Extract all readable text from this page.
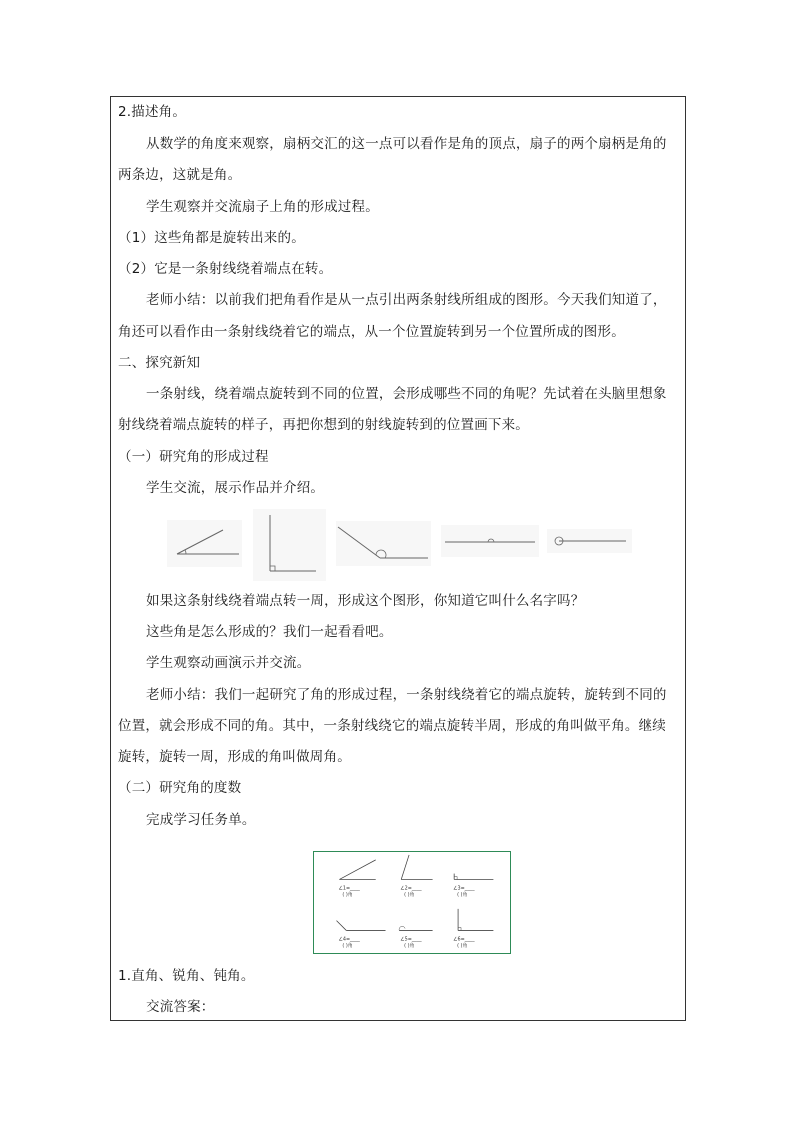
2.描述角。
从数学的角度来观察，扇柄交汇的这一点可以看作是角的顶点，扇子的两个扇柄是角的
两条边，这就是角。
学生观察并交流扇子上角的形成过程。
（1）这些角都是旋转出来的。
（2）它是一条射线绕着端点在转。
老师小结：以前我们把角看作是从一点引出两条射线所组成的图形。今天我们知道了，
角还可以看作由一条射线绕着它的端点，从一个位置旋转到另一个位置所成的图形。
二、探究新知
一条射线，绕着端点旋转到不同的位置，会形成哪些不同的角呢？先试着在头脑里想象
射线绕着端点旋转的样子，再把你想到的射线旋转到的位置画下来。
（一）研究角的形成过程
学生交流，展示作品并介绍。
如果这条射线绕着端点转一周，形成这个图形，你知道它叫什么名字吗？
这些角是怎么形成的？我们一起看看吧。
学生观察动画演示并交流。
老师小结：我们一起研究了角的形成过程，一条射线绕着它的端点旋转，旋转到不同的
位置，就会形成不同的角。其中，一条射线绕它的端点旋转半周，形成的角叫做平角。继续
旋转，旋转一周，形成的角叫做周角。
（二）研究角的度数
完成学习任务单。
∠1=____
( )角
∠2=____
( )角
∠3=____
( )角
∠4=____
( )角
∠5=____
( )角
∠6=____
( )角
1.直角、锐角、钝角。
交流答案：
